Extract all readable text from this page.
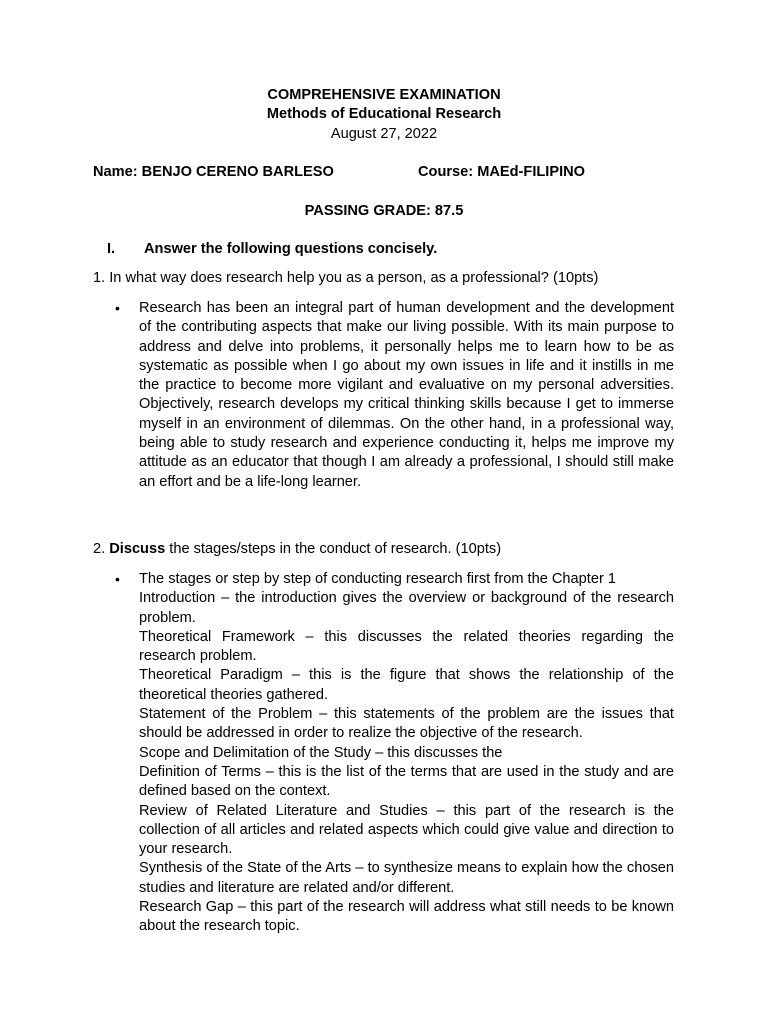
COMPREHENSIVE EXAMINATION
Methods of Educational Research
August 27, 2022
Name: BENJO CERENO BARLESO	Course: MAEd-FILIPINO
PASSING GRADE: 87.5
I. Answer the following questions concisely.
1. In what way does research help you as a person, as a professional? (10pts)
• Research has been an integral part of human development and the development of the contributing aspects that make our living possible. With its main purpose to address and delve into problems, it personally helps me to learn how to be as systematic as possible when I go about my own issues in life and it instills in me the practice to become more vigilant and evaluative on my personal adversities. Objectively, research develops my critical thinking skills because I get to immerse myself in an environment of dilemmas. On the other hand, in a professional way, being able to study research and experience conducting it, helps me improve my attitude as an educator that though I am already a professional, I should still make an effort and be a life-long learner.
2. Discuss the stages/steps in the conduct of research. (10pts)
• The stages or step by step of conducting research first from the Chapter 1

Introduction – the introduction gives the overview or background of the research problem.

Theoretical Framework – this discusses the related theories regarding the research problem.

Theoretical Paradigm – this is the figure that shows the relationship of the theoretical theories gathered.

Statement of the Problem – this statements of the problem are the issues that should be addressed in order to realize the objective of the research.

Scope and Delimitation of the Study – this discusses the

Definition of Terms – this is the list of the terms that are used in the study and are defined based on the context.

Review of Related Literature and Studies – this part of the research is the collection of all articles and related aspects which could give value and direction to your research.

Synthesis of the State of the Arts – to synthesize means to explain how the chosen studies and literature are related and/or different.

Research Gap – this part of the research will address what still needs to be known about the research topic.
